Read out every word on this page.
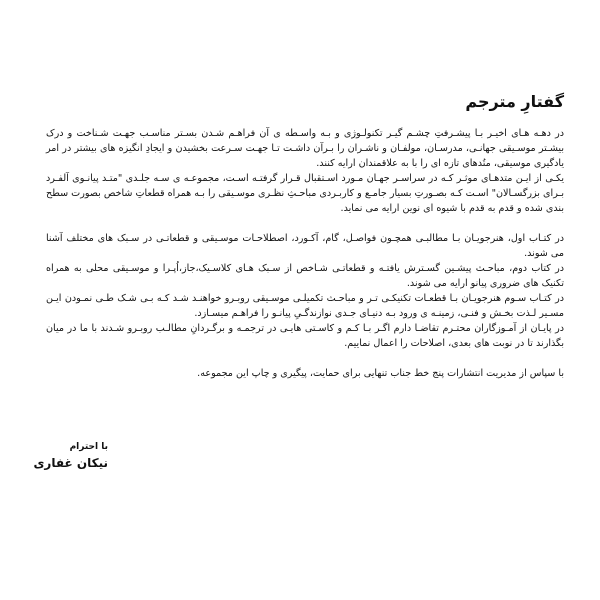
گفتارِ مترجم

در دهـه هـای اخیـر بـا پیشـرفتِ چشـم گیـر تکنولـوژی و بـه واسـطه ی آن فراهـم شـدن بسـتر مناسـب جهـت شـناخت و درک بیشـتر موسـیقی جهانـی، مدرسـان، مولفـان و ناشـران را بـرآن داشـت تـا جهـت سـرعت بخشیدن و ایجادِ انگیزه های بیشتر در امر یادگیری موسیقی، متُدهای تازه ای را با به علاقمندان ارایه کنند.

یکـی از ایـن متدهـای موثـر کـه در سراسـر جهـان مـورد اسـتقبال قـرار گرفتـه اسـت، مجموعـه ی سـه جلـدی "متـد پیانـوی آلفـرد بـرای بزرگسـالان" اسـت کـه بصـورتِ بسیار جامـع و کاربـردی مباحـثِ نظـری موسـیقی را بـه همراه قطعاتِ شاخص بصورت سطح بندی شده و قدم به قدم با شیوه ای نوین ارایه می نماید.

در کتـاب اول، هنرجویـان بـا مطالبـی همچـون فواصـل، گام، آکـورد، اصطلاحـات موسـیقی و قطعاتـی در سـبک های مختلف آشنا می شوند.

در کتاب دوم، مباحـث پیشـین گسـترش یافتـه و قطعاتـی شـاخص از سـبک هـای کلاسـیک،جاز،اُپـرا و موسـیقی محلی به همراه تکنیک های ضروری پیانو ارایه می شوند.

در کتـاب سـوم هنرجویـان بـا قطعـات تکنیکـی تـر و مباحـث تکمیلـی موسـیقی روبـرو خواهنـد شـد کـه بـی شـک طـی نمـودن ایـن مسـیر لـذت بخـش و فنـی، زمینـه ی ورود بـه دنیـای جـدی نوازندگـیِ پیانـو را فراهـم میسـازد.

در پایـان از آمـوزگاران محتـرم تقاضـا دارم اگـر بـا کـم و کاسـتی هایـی در ترجمـه و برگـردانِ مطالـب روبـرو شـدند با ما در میان بگذارند تا در نوبت های بعدی، اصلاحات را اعمال نماییم.

با سپاس از مدیریت انتشارات پنج خط جناب تنهایی برای حمایت، پیگیری و چاپ این مجموعه.

با احترام
نیکان غفاری
